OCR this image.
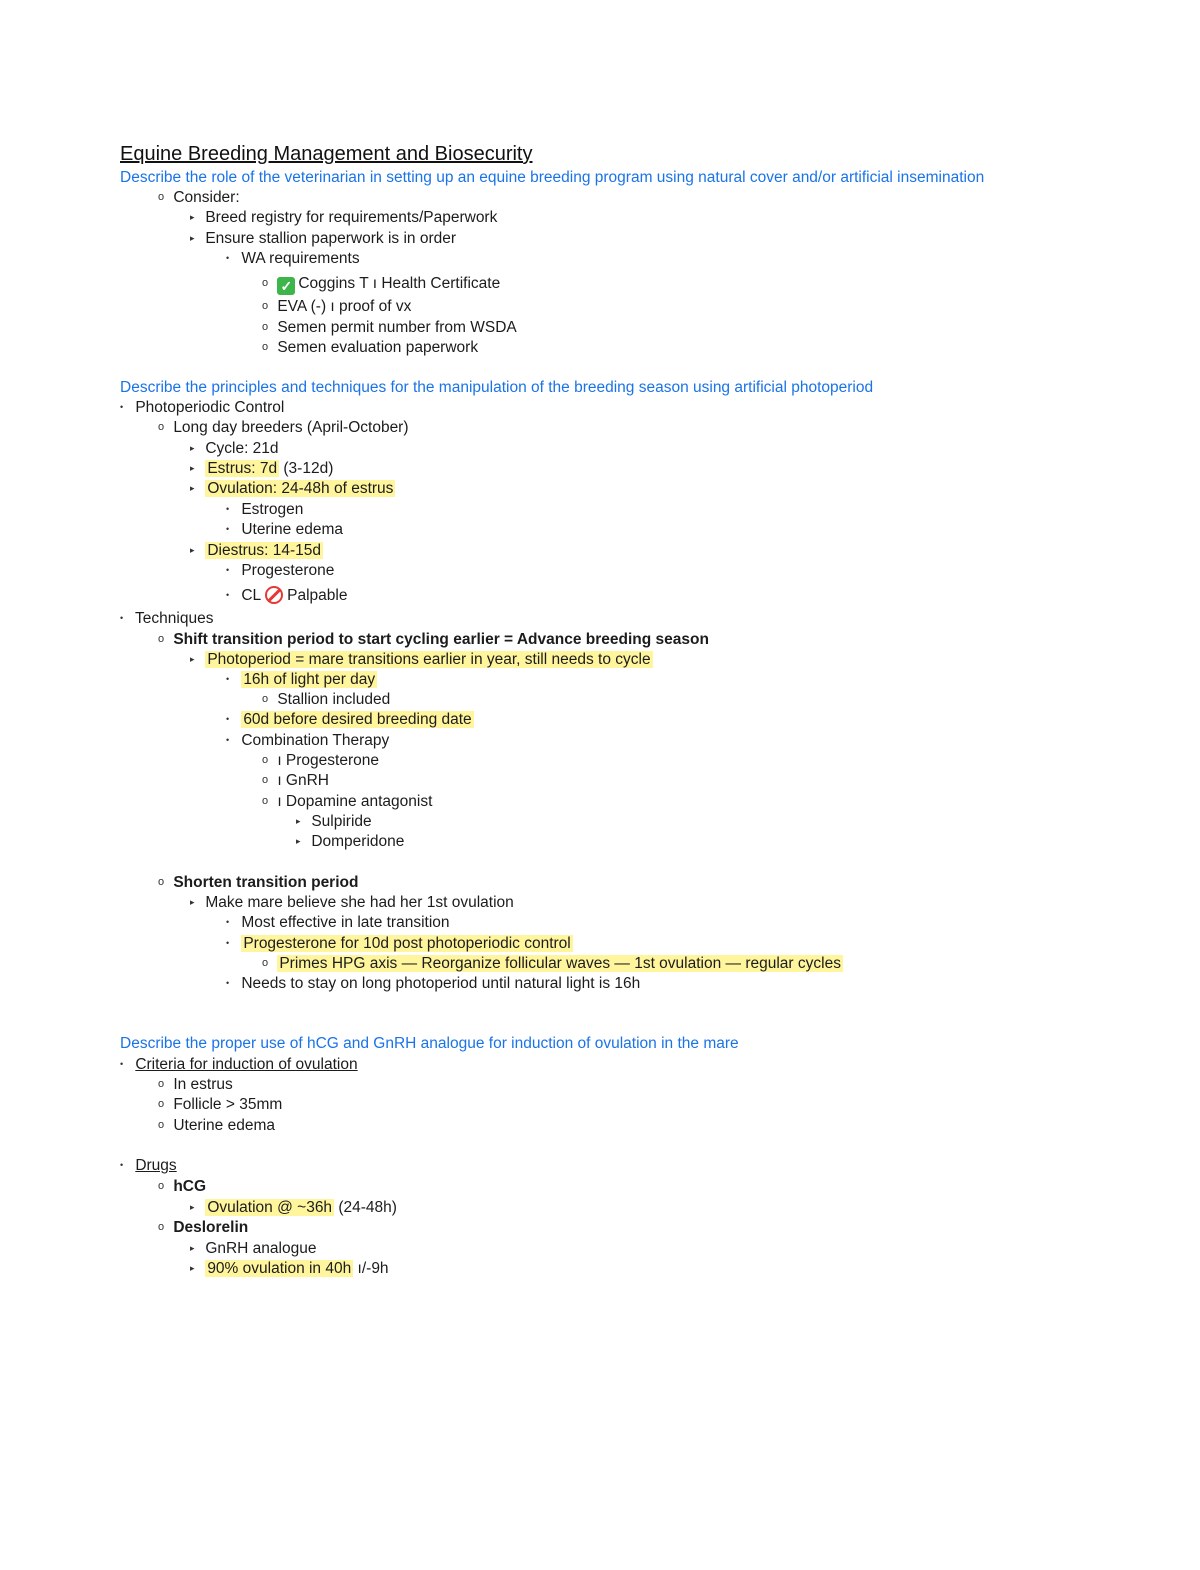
Equine Breeding Management and Biosecurity
Describe the role of the veterinarian in setting up an equine breeding program using natural cover and/or artificial insemination
o Consider:
▸ Breed registry for requirements/Paperwork
▸ Ensure stallion paperwork is in order
• WA requirements
o ✓ Coggins T ı Health Certificate
o EVA (-) ı proof of vx
o Semen permit number from WSDA
o Semen evaluation paperwork
Describe the principles and techniques for the manipulation of the breeding season using artificial photoperiod
• Photoperiodic Control
o Long day breeders (April-October)
▸ Cycle: 21d
▸ Estrus: 7d (3-12d)
▸ Ovulation: 24-48h of estrus
• Estrogen
• Uterine edema
▸ Diestrus: 14-15d
• Progesterone
• CL Palpable
• Techniques
o Shift transition period to start cycling earlier = Advance breeding season
▸ Photoperiod = mare transitions earlier in year, still needs to cycle
• 16h of light per day
o Stallion included
• 60d before desired breeding date
• Combination Therapy
o ı Progesterone
o ı GnRH
o ı Dopamine antagonist
▸ Sulpiride
▸ Domperidone
o Shorten transition period
▸ Make mare believe she had her 1st ovulation
• Most effective in late transition
• Progesterone for 10d post photoperiodic control
o Primes HPG axis — Reorganize follicular waves — 1st ovulation — regular cycles
• Needs to stay on long photoperiod until natural light is 16h
Describe the proper use of hCG and GnRH analogue for induction of ovulation in the mare
• Criteria for induction of ovulation
o In estrus
o Follicle > 35mm
o Uterine edema
• Drugs
o hCG
▸ Ovulation @ ~36h (24-48h)
o Deslorelin
▸ GnRH analogue
▸ 90% ovulation in 40h ı/-9h
